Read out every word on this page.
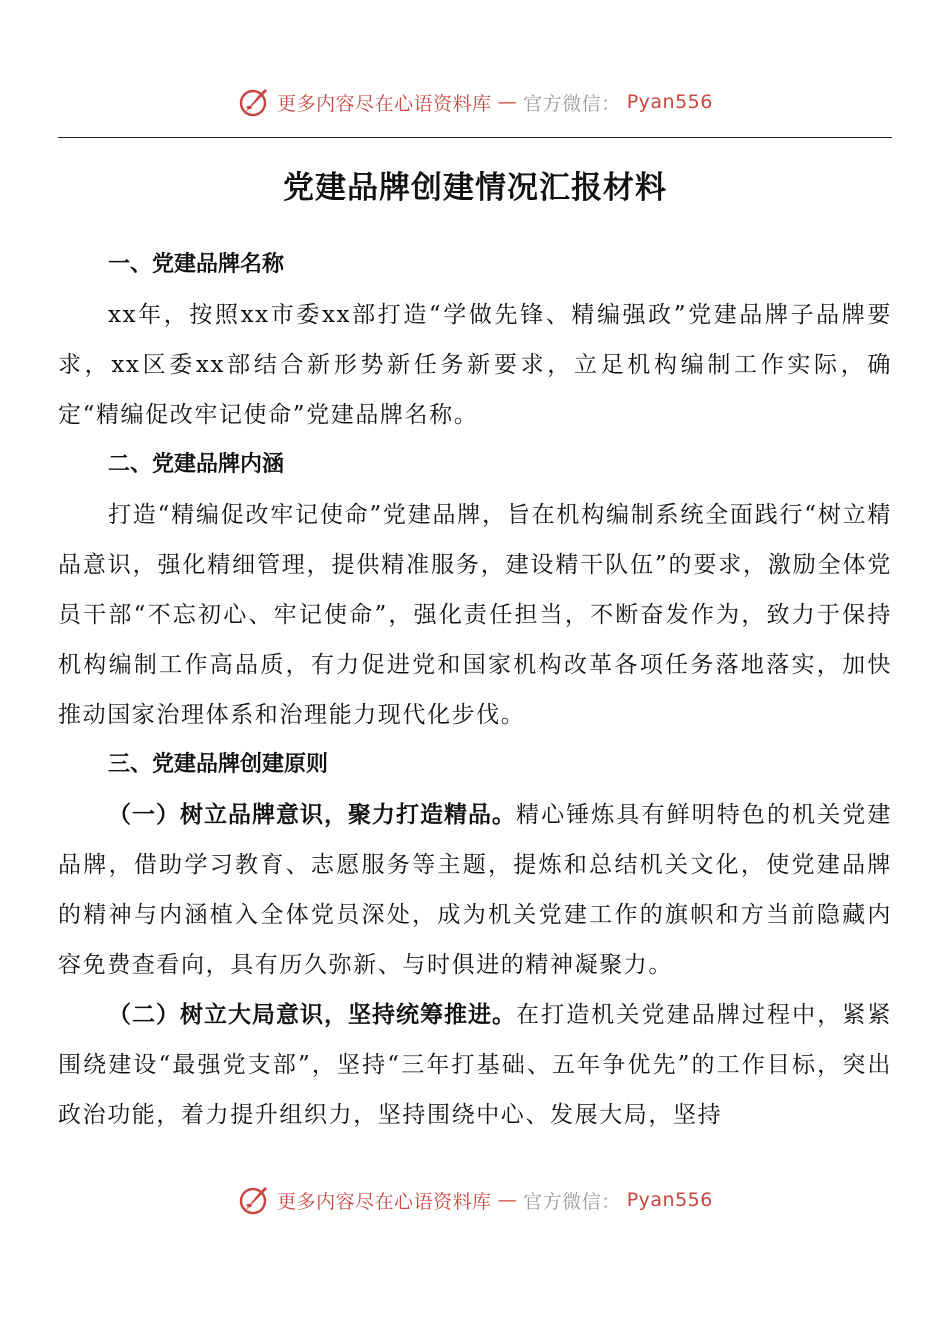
更多内容尽在心语资料库 — 官方微信： Pyan556
党建品牌创建情况汇报材料

一、党建品牌名称

xx年，按照xx市委xx部打造“学做先锋、精编强政”党建品牌子品牌要求，xx区委xx部结合新形势新任务新要求，立足机构编制工作实际，确定“精编促改牢记使命”党建品牌名称。

二、党建品牌内涵

打造“精编促改牢记使命”党建品牌，旨在机构编制系统全面践行“树立精品意识，强化精细管理，提供精准服务，建设精干队伍”的要求，激励全体党员干部“不忘初心、牢记使命”，强化责任担当，不断奋发作为，致力于保持机构编制工作高品质，有力促进党和国家机构改革各项任务落地落实，加快推动国家治理体系和治理能力现代化步伐。

三、党建品牌创建原则

（一）树立品牌意识，聚力打造精品。精心锤炼具有鲜明特色的机关党建品牌，借助学习教育、志愿服务等主题，提炼和总结机关文化，使党建品牌的精神与内涵植入全体党员深处，成为机关党建工作的旗帜和方当前隐藏内容免费查看向，具有历久弥新、与时俱进的精神凝聚力。

（二）树立大局意识，坚持统筹推进。在打造机关党建品牌过程中，紧紧围绕建设“最强党支部”，坚持“三年打基础、五年争优先”的工作目标，突出政治功能，着力提升组织力，坚持围绕中心、发展大局，坚持

更多内容尽在心语资料库 — 官方微信： Pyan556
